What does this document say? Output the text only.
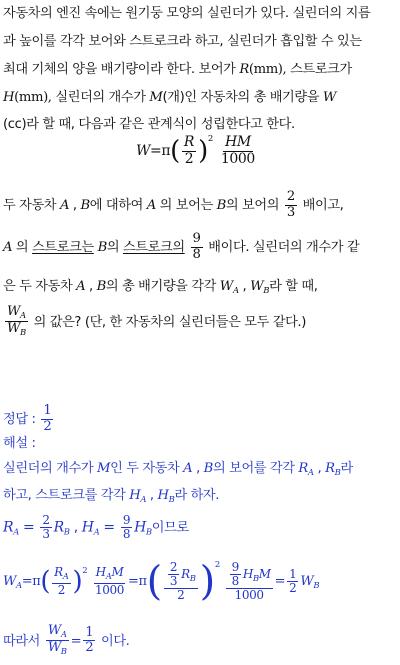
자동차의 엔진 속에는 원기둥 모양의 실린더가 있다. 실린더의 지름
과 높이를 각각 보어와 스트로크라 하고, 실린더가 흡입할 수 있는
최대 기체의 양을 배기량이라 한다. 보어가 R(mm), 스트로크가
H(mm), 실린더의 개수가 M(개)인 자동차의 총 배기량을 W
(cc)라 할 때, 다음과 같은 관계식이 성립한다고 한다.
$W=\pi( \frac{R}{2} )^2 \frac{HM}{1000}$
두 자동차 A , B에 대하여 A 의 보어는 B의 보어의 $\frac{2}{3}$ 배이고,
A 의 스트로크는 B의 스트로크의 $\frac{9}{8}$ 배이다. 실린더의 개수가 같
은 두 자동차 A , B의 총 배기량을 각각 $W_A$ , $W_B$라 할 때,
$\frac{W_A}{W_B}$ 의 값은? (단, 한 자동차의 실린더들은 모두 같다.)
정답 : $\frac{1}{2}$
해설 :
실린더의 개수가 M인 두 자동차 A , B의 보어를 각각 $R_A$ , $R_B$라
하고, 스트로크를 각각 $H_A$ , $H_B$라 하자.
$R_A = \frac{2}{3} R_B$ , $H_A = \frac{9}{8} H_B$이므로
$W_A=\pi( \frac{R_A}{2} )^2 \frac{H_AM}{1000} =\pi( \frac{\frac{2}{3} R_B}{2} )^2 \frac{\frac{9}{8} H_BM}{1000} = \frac{1}{2} W_B$
따라서 $\frac{W_A}{W_B} = \frac{1}{2}$ 이다.
